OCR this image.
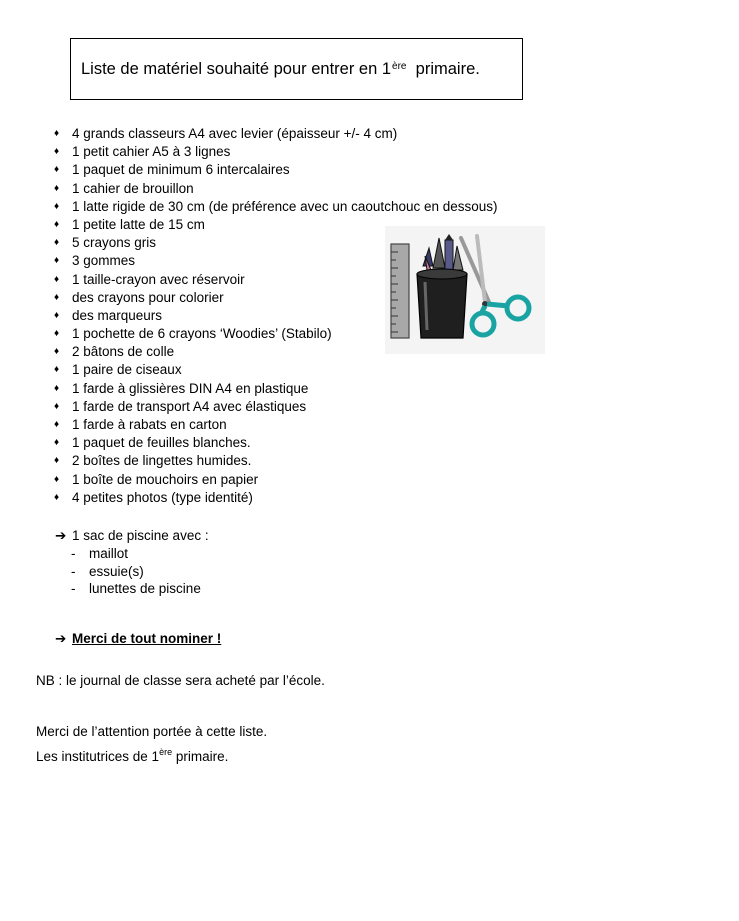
Liste de matériel souhaité pour entrer en 1ère
primaire.
♦ 4 grands classeurs A4 avec levier (épaisseur +/- 4 cm)
♦ 1 petit cahier A5 à 3 lignes
♦ 1 paquet de minimum 6 intercalaires
♦ 1 cahier de brouillon
♦ 1 latte rigide de 30 cm (de préférence avec un caoutchouc en dessous)
♦ 1 petite latte de 15 cm
♦ 5 crayons gris
♦ 3 gommes
♦ 1 taille-crayon avec réservoir
♦ des crayons pour colorier
♦ des marqueurs
♦ 1 pochette de 6 crayons ‘Woodies’ (Stabilo)
♦ 2 bâtons de colle
♦ 1 paire de ciseaux
♦ 1 farde à glissières DIN A4 en plastique
♦ 1 farde de transport A4 avec élastiques
♦ 1 farde à rabats en carton
♦ 1 paquet de feuilles blanches.
♦ 2 boîtes de lingettes humides.
♦ 1 boîte de mouchoirs en papier
♦ 4 petites photos (type identité)
➔ 1 sac de piscine avec :
- maillot
- essuie(s)
- lunettes de piscine
➔ Merci de tout nominer !
NB : le journal de classe sera acheté par l’école.
Merci de l’attention portée à cette liste.
Les institutrices de 1ère primaire.
